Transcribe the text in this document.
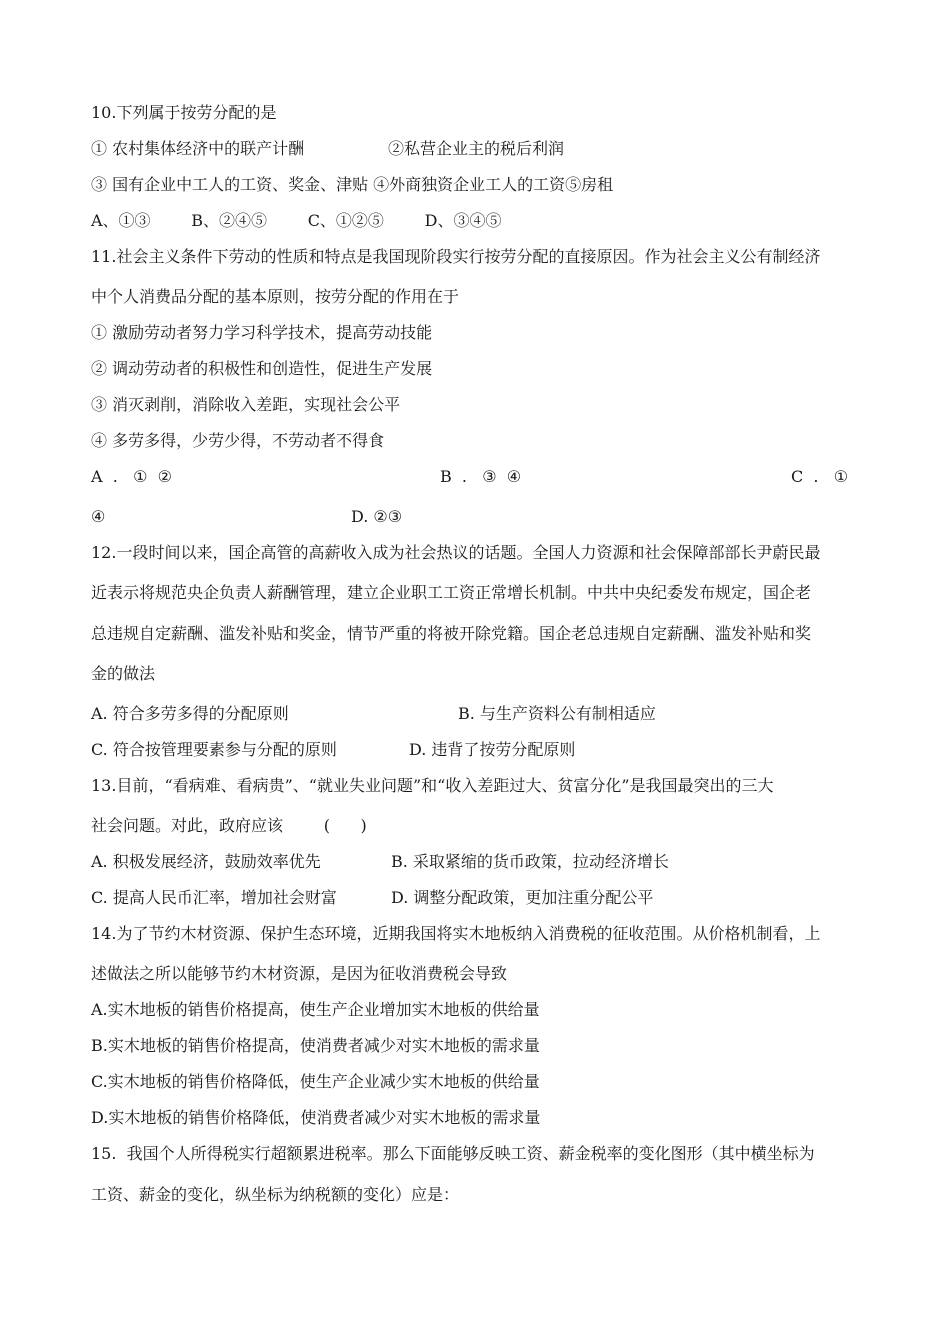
10.下列属于按劳分配的是
① 农村集体经济中的联产计酬	②私营企业主的税后利润
③ 国有企业中工人的工资、奖金、津贴 ④外商独资企业工人的工资⑤房租
A、①③        B、②④⑤        C、①②⑤        D、③④⑤
11.社会主义条件下劳动的性质和特点是我国现阶段实行按劳分配的直接原因。作为社会主义公有制经济
中个人消费品分配的基本原则，按劳分配的作用在于
① 激励劳动者努力学习科学技术，提高劳动技能
② 调动劳动者的积极性和创造性，促进生产发展
③ 消灭剥削，消除收入差距，实现社会公平
④ 多劳多得，少劳少得，不劳动者不得食
A  .   ①  ②	B  .   ③  ④	C  .   ①
④	D. ②③
12.一段时间以来，国企高管的高薪收入成为社会热议的话题。全国人力资源和社会保障部部长尹蔚民最
近表示将规范央企负责人薪酬管理，建立企业职工工资正常增长机制。中共中央纪委发布规定，国企老
总违规自定薪酬、滥发补贴和奖金，情节严重的将被开除党籍。国企老总违规自定薪酬、滥发补贴和奖
金的做法
A. 符合多劳多得的分配原则	B. 与生产资料公有制相适应
C. 符合按管理要素参与分配的原则	D. 违背了按劳分配原则
13.目前，“看病难、看病贵”、“就业失业问题”和“收入差距过大、贫富分化”是我国最突出的三大
社会问题。对此，政府应该        (      )
A. 积极发展经济，鼓励效率优先	B. 采取紧缩的货币政策，拉动经济增长
C. 提高人民币汇率，增加社会财富	D. 调整分配政策，更加注重分配公平
14.为了节约木材资源、保护生态环境，近期我国将实木地板纳入消费税的征收范围。从价格机制看，上
述做法之所以能够节约木材资源，是因为征收消费税会导致
A.实木地板的销售价格提高，使生产企业增加实木地板的供给量
B.实木地板的销售价格提高，使消费者减少对实木地板的需求量
C.实木地板的销售价格降低，使生产企业减少实木地板的供给量
D.实木地板的销售价格降低，使消费者减少对实木地板的需求量
15.  我国个人所得税实行超额累进税率。那么下面能够反映工资、薪金税率的变化图形（其中横坐标为
工资、薪金的变化，纵坐标为纳税额的变化）应是：
